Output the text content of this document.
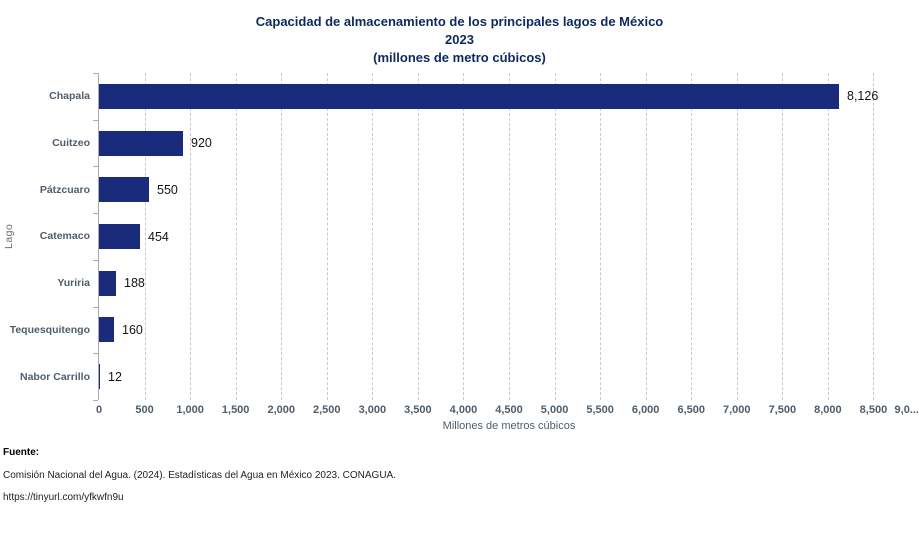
Capacidad de almacenamiento de los principales lagos de México
2023
(millones de metro cúbicos)
Lago
8,126
920
550
454
188
160
12
Millones de metros cúbicos
Fuente:
Comisión Nacional del Agua. (2024). Estadísticas del Agua en México 2023. CONAGUA.
https://tinyurl.com/yfkwfn9u
0	500	1,000	1,500	2,000	2,500	3,000	3,500	4,000	4,500	5,000	5,500	6,000	6,500	7,000	7,500	8,000	8,500 9,0...
Chapala
Cuitzeo
Pátzcuaro
Catemaco
Yuriria
Tequesquitengo
Nabor Carrillo
